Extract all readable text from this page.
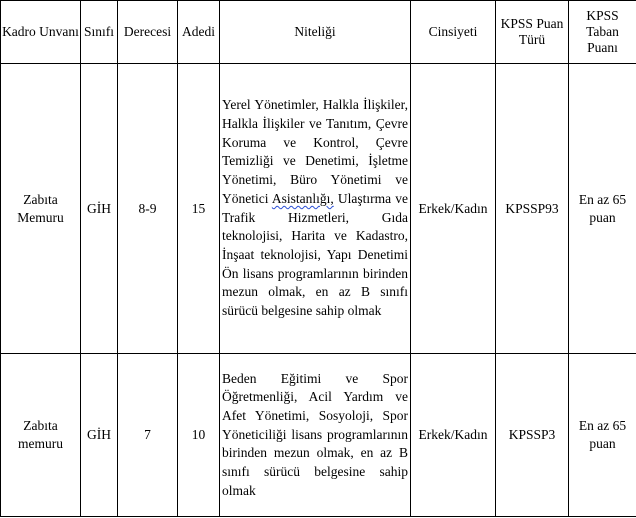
Kadro Unvanı	Sınıfı	Derecesi	Adedi	Niteliği	Cinsiyeti	KPSS Puan Türü	KPSS Taban Puanı
Zabıta Memuru	GİH	8-9	15	Yerel Yönetimler, Halkla İlişkiler, Halkla İlişkiler ve Tanıtım, Çevre Koruma ve Kontrol, Çevre Temizliği ve Denetimi, İşletme Yönetimi, Büro Yönetimi ve Yönetici Asistanlığı, Ulaştırma ve Trafik Hizmetleri, Gıda teknolojisi, Harita ve Kadastro, İnşaat teknolojisi, Yapı Denetimi Ön lisans programlarının birinden mezun olmak, en az B sınıfı sürücü belgesine sahip olmak	Erkek/Kadın	KPSSP93	En az 65 puan
Zabıta memuru	GİH	7	10	Beden Eğitimi ve Spor Öğretmenliği, Acil Yardım ve Afet Yönetimi, Sosyoloji, Spor Yöneticiliği lisans programlarının birinden mezun olmak, en az B sınıfı sürücü belgesine sahip olmak	Erkek/Kadın	KPSSP3	En az 65 puan
